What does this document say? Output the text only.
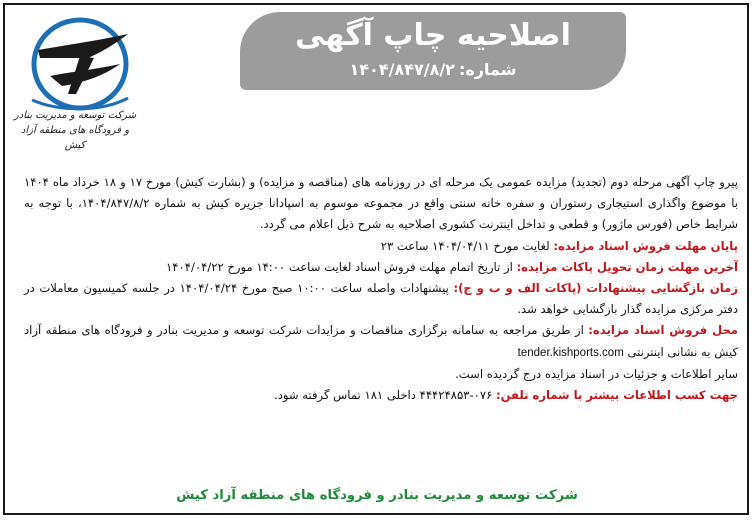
شرکت توسعه و مدیریت بنادر
و فرودگاه های منطقه آزاد کیش
اصلاحیه چاپ آگهی
شماره:۱۴۰۴/۸۴۷/۸/۲

پیرو چاپ آگهی مرحله دوم (تجدید) مزایده عمومی یک مرحله ای در روزنامه های (مناقصه و مزایده) و (بشارت کیش) مورخ ۱۷ و ۱۸ خرداد ماه ۱۴۰۴ با موضوع واگذاری استیجاری رستوران و سفره خانه سنتی واقع در مجموعه موسوم به اسپادانا جزیره کیش به شماره ۱۴۰۴/۸۴۷/۸/۲، با توجه به شرایط خاص (فورس ماژور) و قطعی و تداخل اینترنت کشوری اصلاحیه به شرح ذیل اعلام می گردد.

پایان مهلت فروش اسناد مزایده: لغایت مورخ ۱۴۰۴/۰۴/۱۱ ساعت ۲۳

آخرین مهلت زمان تحویل پاکات مزایده: از تاریخ اتمام مهلت فروش اسناد لغایت ساعت ۱۴:۰۰ مورخ ۱۴۰۴/۰۴/۲۲

زمان بازگشایی پیشنهادات (پاکات الف و ب و ج): پیشنهادات واصله ساعت ۱۰:۰۰ صبح مورخ ۱۴۰۴/۰۴/۲۴ در جلسه کمیسیون معاملات در دفتر مرکزی مزایده گذار بازگشایی خواهد شد.

محل فروش اسناد مزایده: از طریق مراجعه به سامانه برگزاری مناقصات و مزایدات شرکت توسعه و مدیریت بنادر و فرودگاه های منطقه آزاد کیش به نشانی اینترنتی tender.kishports.com

سایر اطلاعات و جزئیات در اسناد مزایده درج گردیده است.

جهت کسب اطلاعات بیشتر با شماره تلفن: ۰۷۶-۴۴۴۲۴۸۵۳ داخلی ۱۸۱ تماس گرفته شود.

شرکت توسعه و مدیریت بنادر و فرودگاه های منطقه آزاد کیش
